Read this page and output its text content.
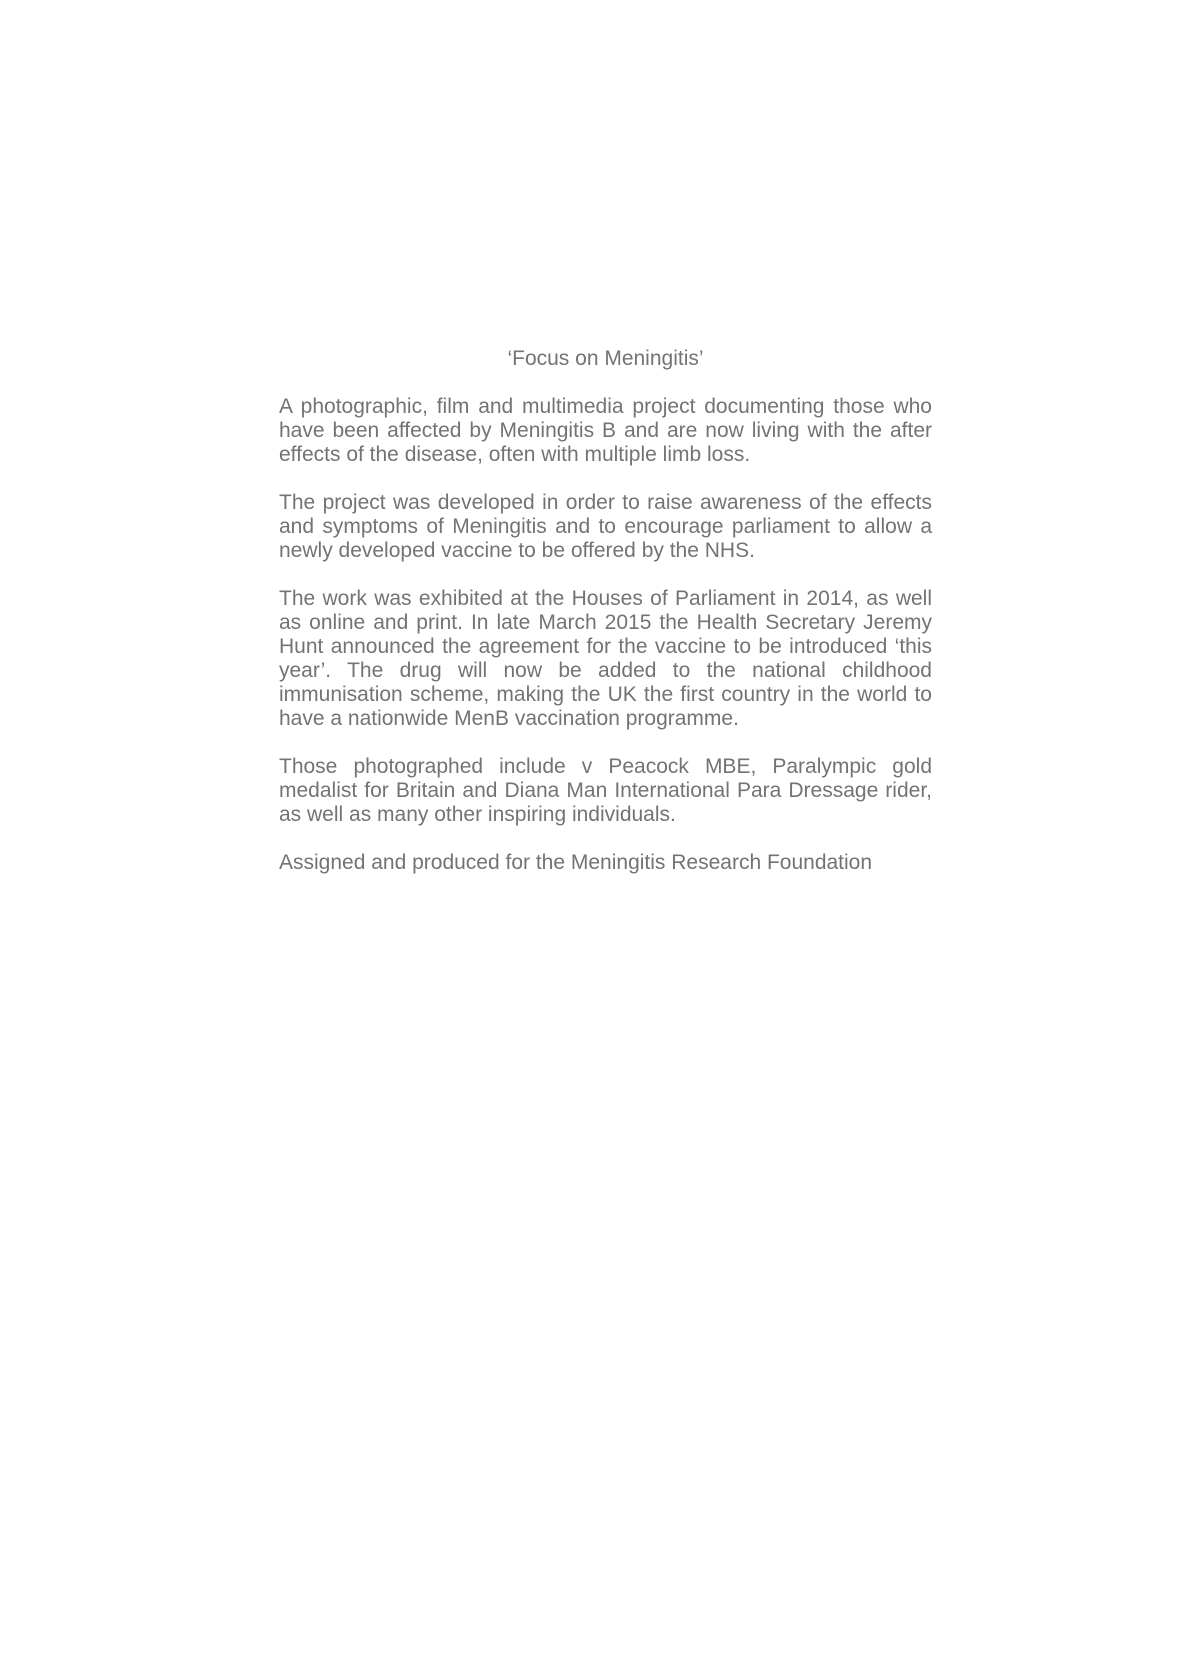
‘Focus on Meningitis’

A photographic, film and multimedia project documenting those who have been affected by Meningitis B and are now living with the after effects of the disease, often with multiple limb loss.

The project was developed in order to raise awareness of the effects and symptoms of Meningitis and to encourage parliament to allow a newly developed vaccine to be offered by the NHS.

The work was exhibited at the Houses of Parliament in 2014, as well as online and print. In late March 2015 the Health Secretary Jeremy Hunt announced the agreement for the vaccine to be introduced ‘this year’. The drug will now be added to the national childhood immunisation scheme, making the UK the first country in the world to have a nationwide MenB vaccination programme.

Those photographed include v Peacock MBE, Paralympic gold medalist for Britain and Diana Man International Para Dressage rider, as well as many other inspiring individuals.

Assigned and produced for the Meningitis Research Foundation
